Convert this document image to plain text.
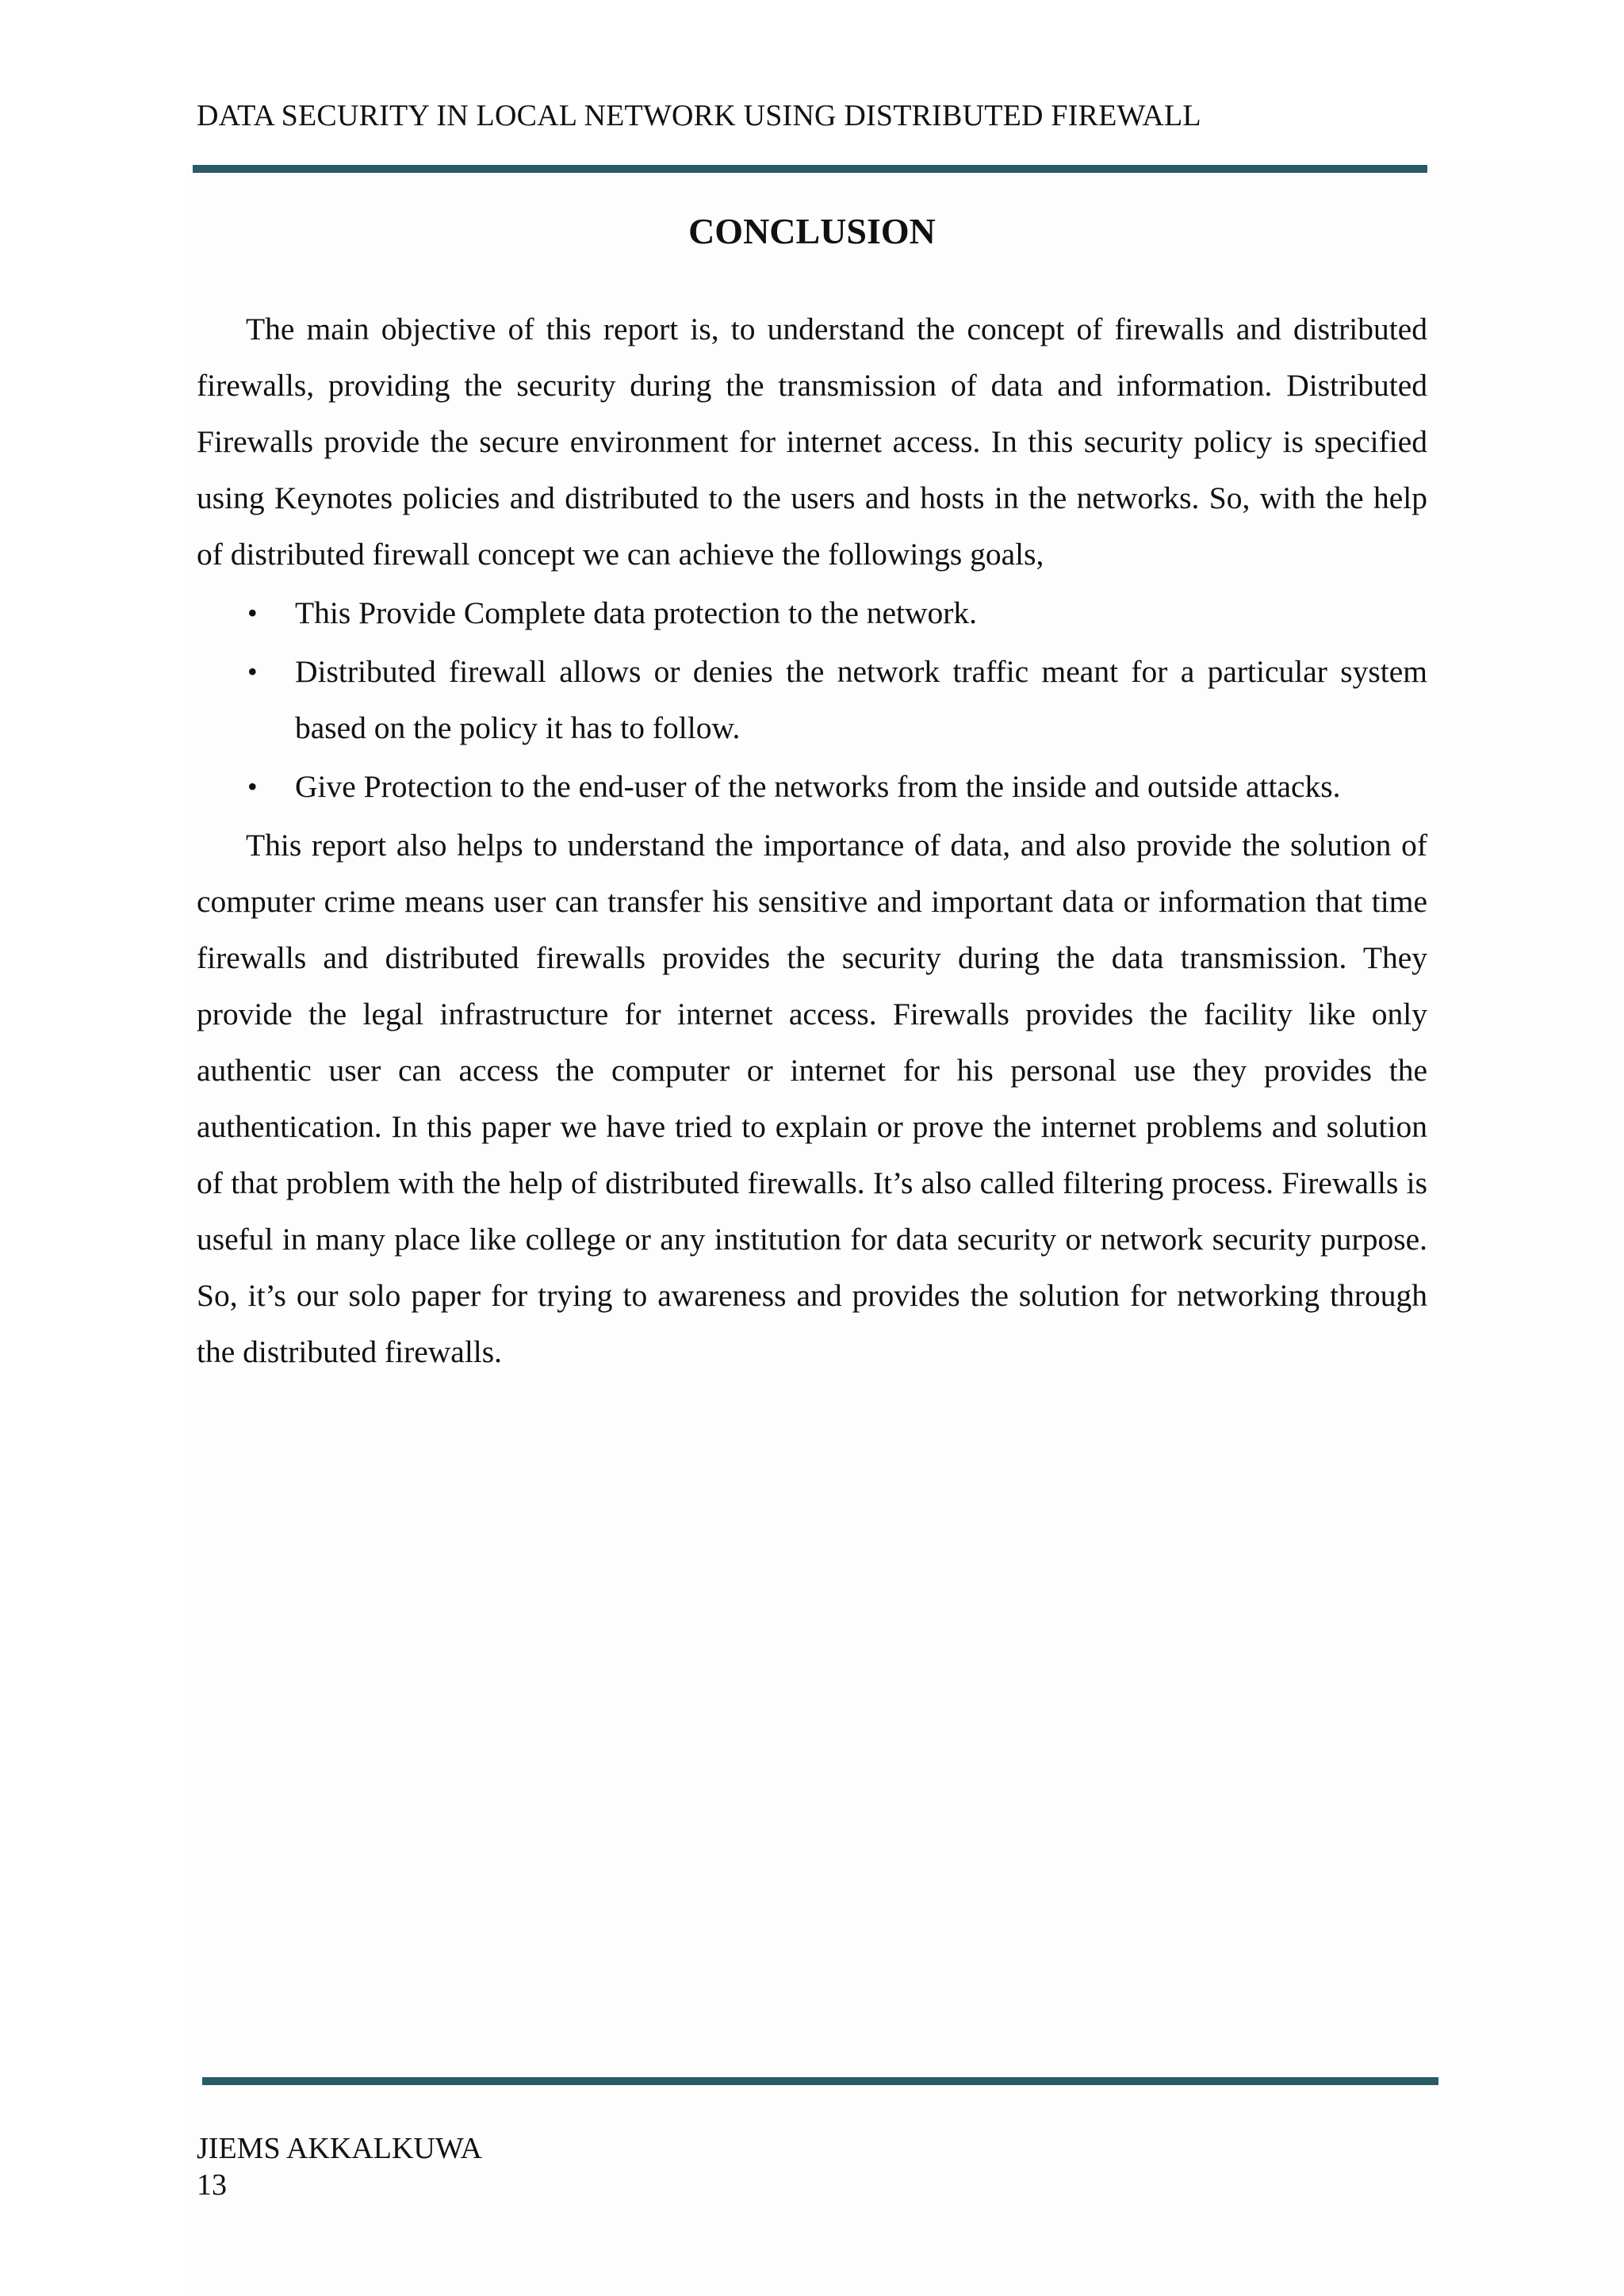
DATA SECURITY IN LOCAL NETWORK USING DISTRIBUTED FIREWALL
CONCLUSION

The main objective of this report is, to understand the concept of firewalls and distributed firewalls, providing the security during the transmission of data and information. Distributed Firewalls provide the secure environment for internet access. In this security policy is specified using Keynotes policies and distributed to the users and hosts in the networks. So, with the help of distributed firewall concept we can achieve the followings goals,

• This Provide Complete data protection to the network.
• Distributed firewall allows or denies the network traffic meant for a particular system based on the policy it has to follow.
• Give Protection to the end-user of the networks from the inside and outside attacks.

This report also helps to understand the importance of data, and also provide the solution of computer crime means user can transfer his sensitive and important data or information that time firewalls and distributed firewalls provides the security during the data transmission. They provide the legal infrastructure for internet access. Firewalls provides the facility like only authentic user can access the computer or internet for his personal use they provides the authentication. In this paper we have tried to explain or prove the internet problems and solution of that problem with the help of distributed firewalls. It’s also called filtering process. Firewalls is useful in many place like college or any institution for data security or network security purpose. So, it’s our solo paper for trying to awareness and provides the solution for networking through the distributed firewalls.

JIEMS AKKALKUWA
13
